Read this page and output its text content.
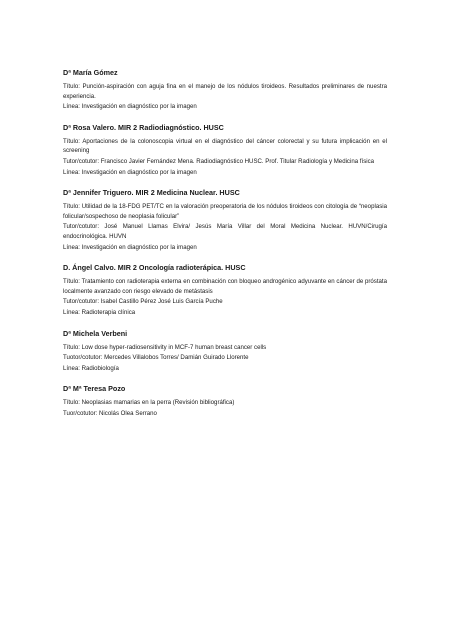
Dª María Gómez

Título: Punción-aspiración con aguja fina en el manejo de los nódulos tiroideos. Resultados preliminares de nuestra experiencia.

Línea: Investigación en diagnóstico por la imagen

Dª Rosa Valero. MIR 2 Radiodiagnóstico. HUSC

Título: Aportaciones de la colonoscopia virtual en el diagnóstico del cáncer colorectal y su futura implicación en el screening

Tutor/cotutor: Francisco Javier Fernández Mena. Radiodiagnóstico HUSC. Prof. Titular Radiología y Medicina física

Línea: Investigación en diagnóstico por la imagen

Dª Jennifer Triguero. MIR 2 Medicina Nuclear. HUSC

Título: Utilidad de la 18-FDG PET/TC en la valoración preoperatoria de los nódulos tiroideos con citología de “neoplasia folicular/sospechoso de neoplasia folicular”

Tutor/cotutor: José Manuel Llamas Elvira/ Jesús María Villar del Moral Medicina Nuclear. HUVN/Cirugía endocrinológica. HUVN

Línea: Investigación en diagnóstico por la imagen

D. Ángel Calvo. MIR 2 Oncología radioterápica. HUSC

Título: Tratamiento con radioterapia externa en combinación con bloqueo androgénico adyuvante en cáncer de próstata localmente avanzado con riesgo elevado de metástasis

Tutor/cotutor: Isabel Castillo Pérez José Luis García Puche

Línea: Radioterapia clínica

Dª Michela Verbeni

Título: Low dose hyper-radiosensitivity in MCF-7 human breast cancer cells

Tuotor/cotutor: Mercedes Villalobos Torres/ Damián Guirado Llorente

Línea: Radiobiología

Dª Mª Teresa Pozo

Título: Neoplasias mamarias en la perra (Revisión bibliográfica)

Tuor/cotutor: Nicolás Olea Serrano
